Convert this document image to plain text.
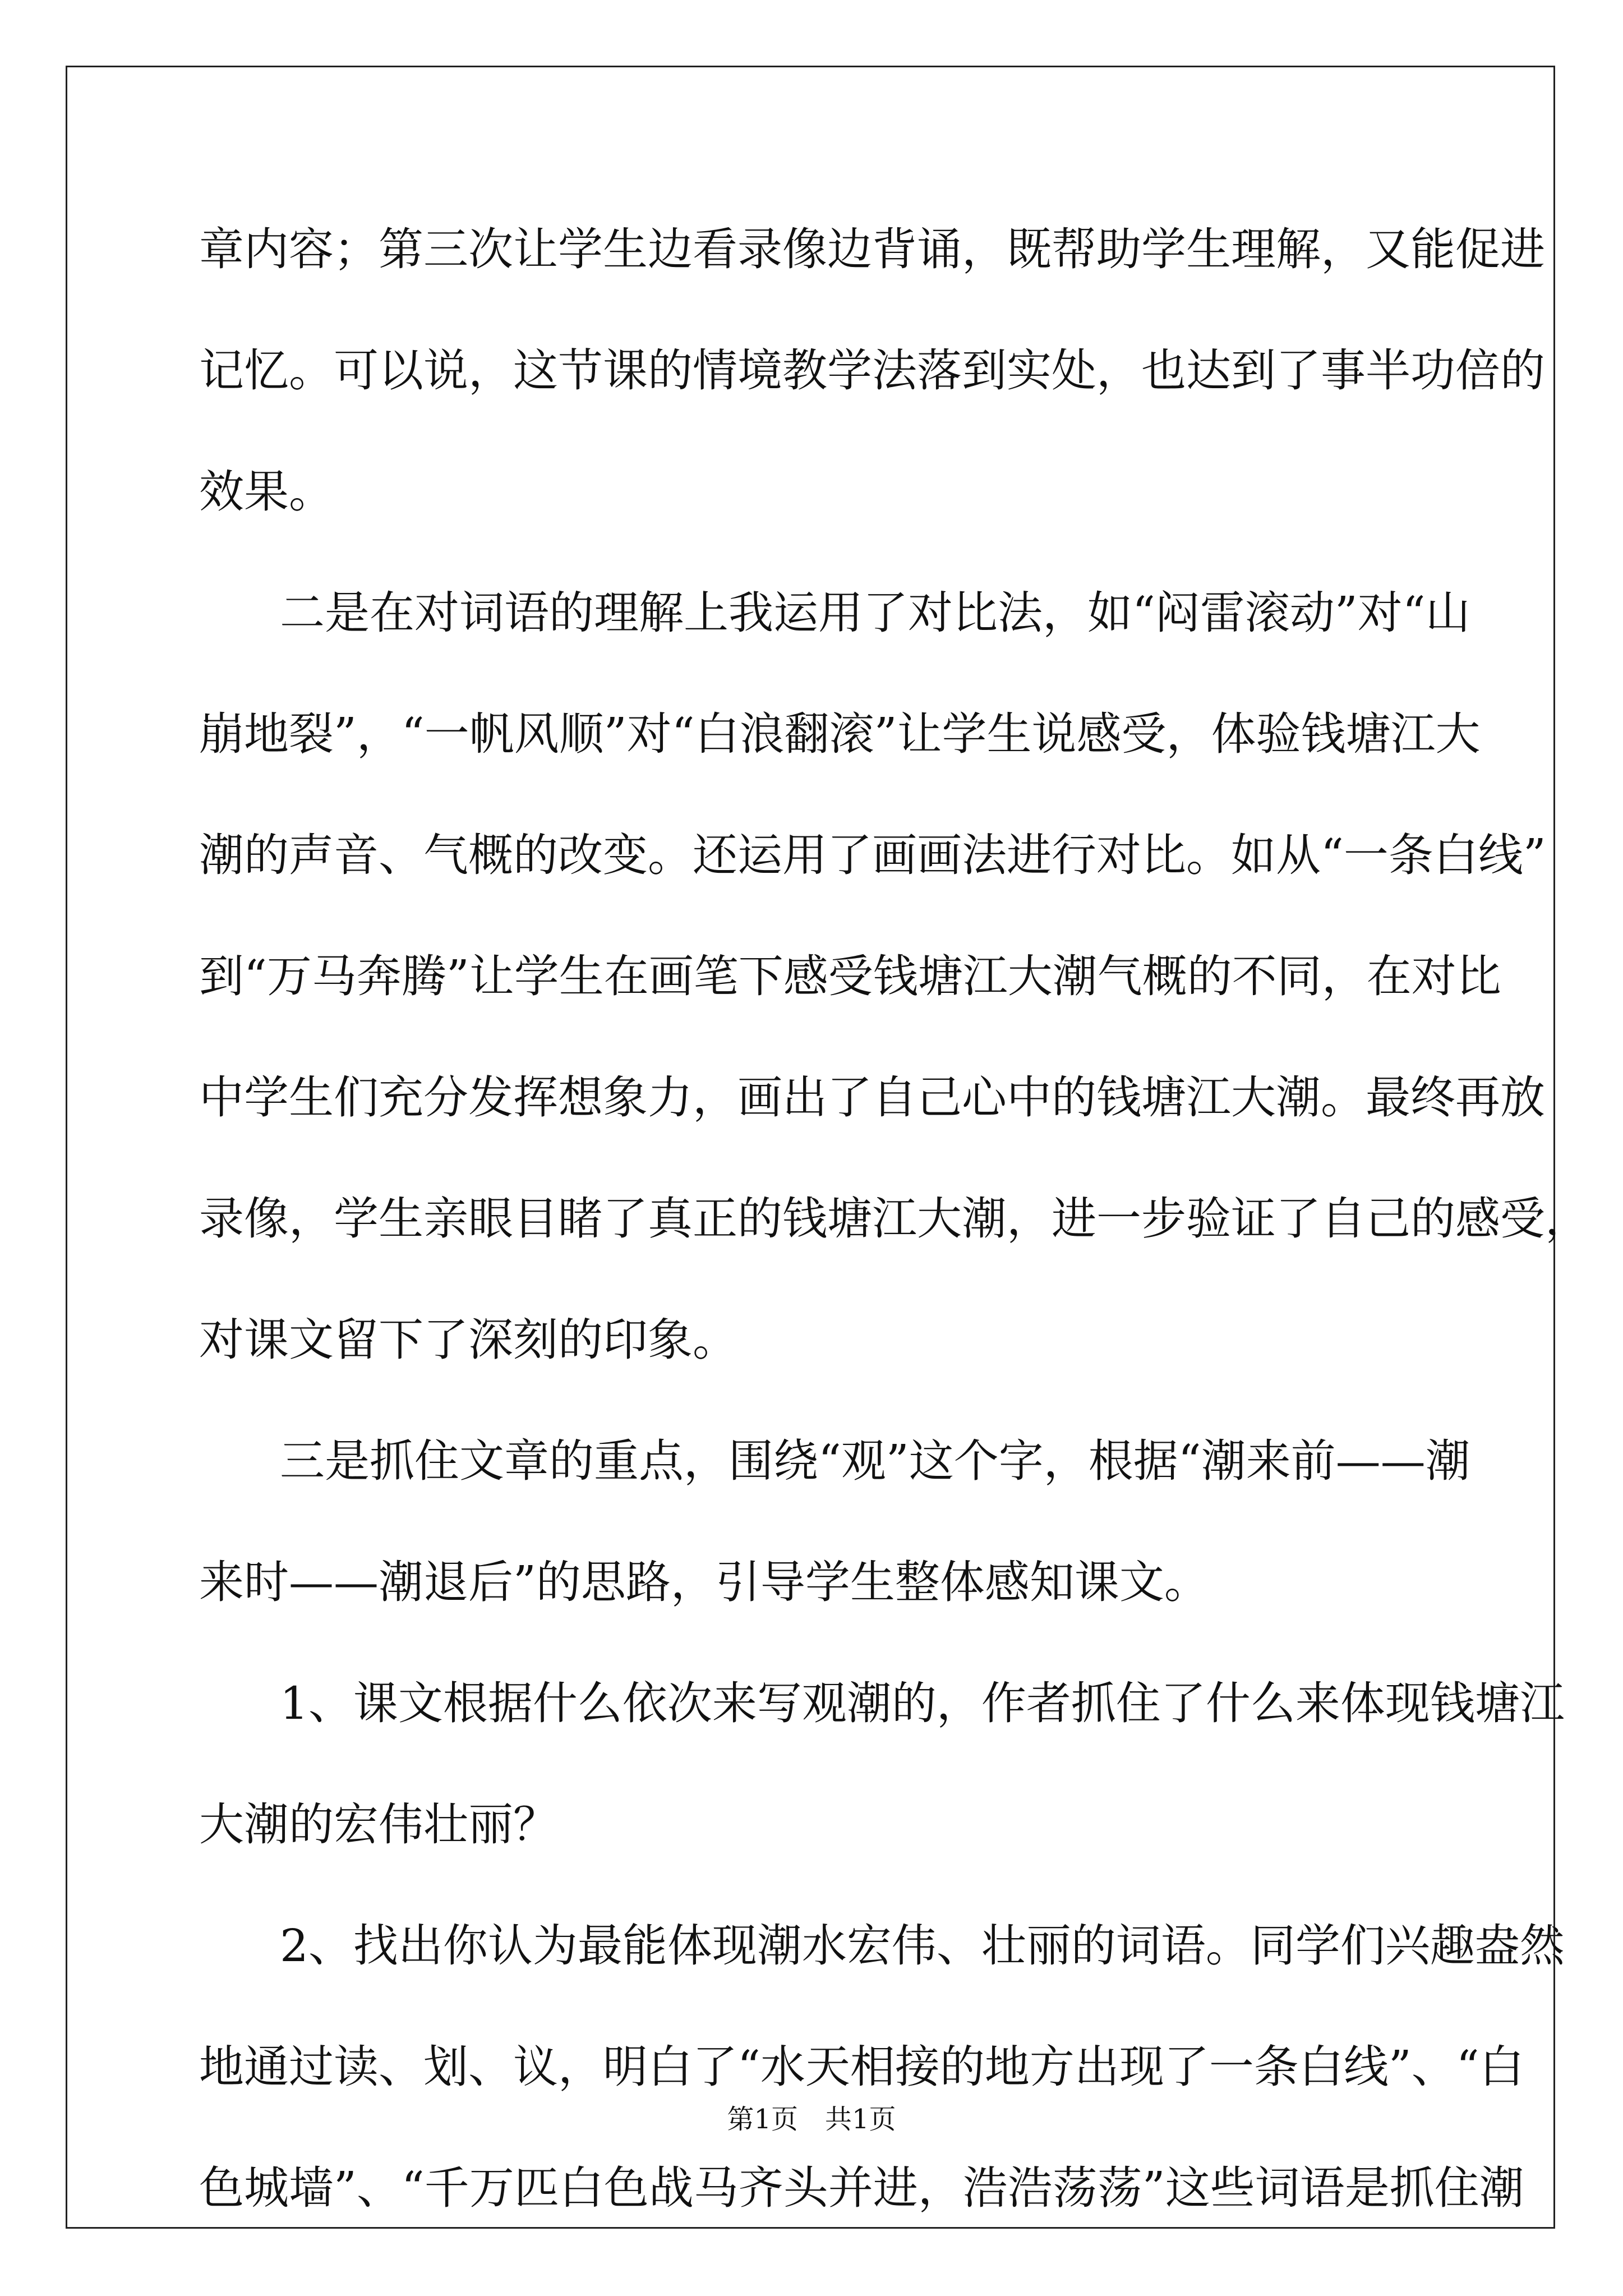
章内容；第三次让学生边看录像边背诵，既帮助学生理解，又能促进
记忆。可以说，这节课的情境教学法落到实处，也达到了事半功倍的
效果。
二是在对词语的理解上我运用了对比法，如“闷雷滚动”对“山
崩地裂”，“一帆风顺”对“白浪翻滚”让学生说感受，体验钱塘江大
潮的声音、气概的改变。还运用了画画法进行对比。如从“一条白线”
到“万马奔腾”让学生在画笔下感受钱塘江大潮气概的不同，在对比
中学生们充分发挥想象力，画出了自己心中的钱塘江大潮。最终再放
录像，学生亲眼目睹了真正的钱塘江大潮，进一步验证了自己的感受，
对课文留下了深刻的印象。
三是抓住文章的重点，围绕“观”这个字，根据“潮来前——潮
来时——潮退后”的思路，引导学生整体感知课文。
1、课文根据什么依次来写观潮的，作者抓住了什么来体现钱塘江
大潮的宏伟壮丽？
2、找出你认为最能体现潮水宏伟、壮丽的词语。同学们兴趣盎然
地通过读、划、议，明白了“水天相接的地方出现了一条白线”、“白
色城墙”、“千万匹白色战马齐头并进，浩浩荡荡”这些词语是抓住潮
第1页　共1页
